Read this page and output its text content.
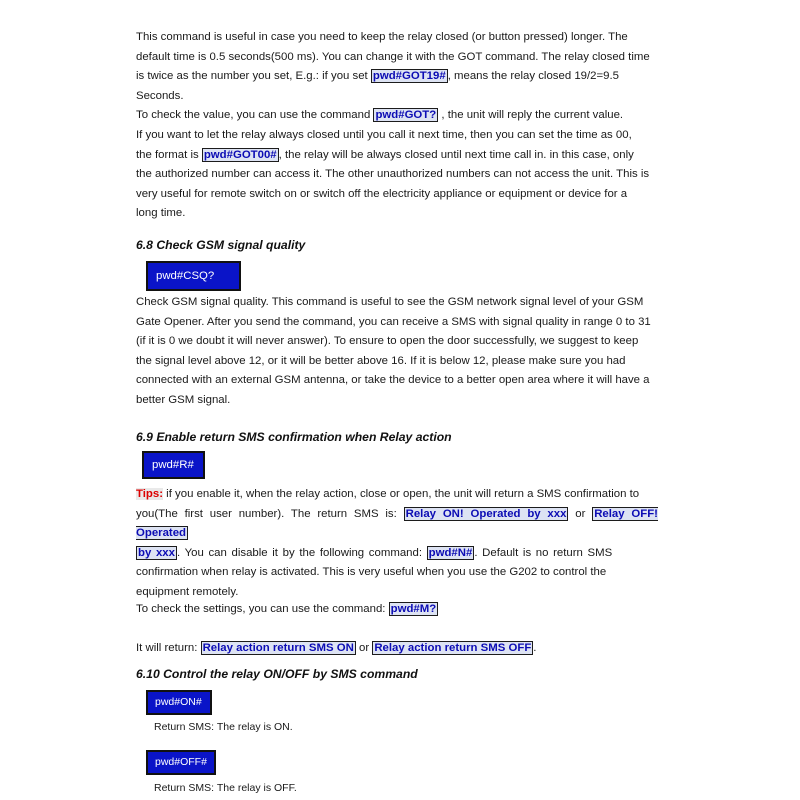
This command is useful in case you need to keep the relay closed (or button pressed) longer. The

default time is 0.5 seconds(500 ms). You can change it with the GOT command. The relay closed time

is twice as the number you set, E.g.: if you set pwd#GOT19# , means the relay closed 19/2=9.5

Seconds.

To check the value, you can use the command pwd#GOT? , the unit will reply the current value.

If you want to let the relay always closed until you call it next time, then you can set the time as 00,

the format is pwd#GOT00# , the relay will be always closed until next time call in. in this case, only

the authorized number can access it. The other unauthorized numbers can not access the unit. This is

very useful for remote switch on or switch off the electricity appliance or equipment or device for a

long time.

6.8 Check GSM signal quality
pwd#CSQ?

Check GSM signal quality. This command is useful to see the GSM network signal level of your GSM

Gate Opener. After you send the command, you can receive a SMS with signal quality in range 0 to 31

(if it is 0 we doubt it will never answer). To ensure to open the door successfully, we suggest to keep

the signal level above 12, or it will be better above 16. If it is below 12, please make sure you had

connected with an external GSM antenna, or take the device to a better open area where it will have a

better GSM signal.

6.9 Enable return SMS confirmation when Relay action
pwd#R#

Tips: if you enable it, when the relay action, close or open, the unit will return a SMS confirmation to

you(The first user number). The return SMS is: Relay ON! Operated by xxx or Relay OFF! Operated

by xxx . You can disable it by the following command: pwd#N# . Default is no return SMS

confirmation when relay is activated. This is very useful when you use the G202 to control the

equipment remotely.

To check the settings, you can use the command: pwd#M?

It will return: Relay action return SMS ON or Relay action return SMS OFF .

6.10 Control the relay ON/OFF by SMS command
pwd#ON#

Return SMS: The relay is ON.

pwd#OFF#

Return SMS: The relay is OFF.
